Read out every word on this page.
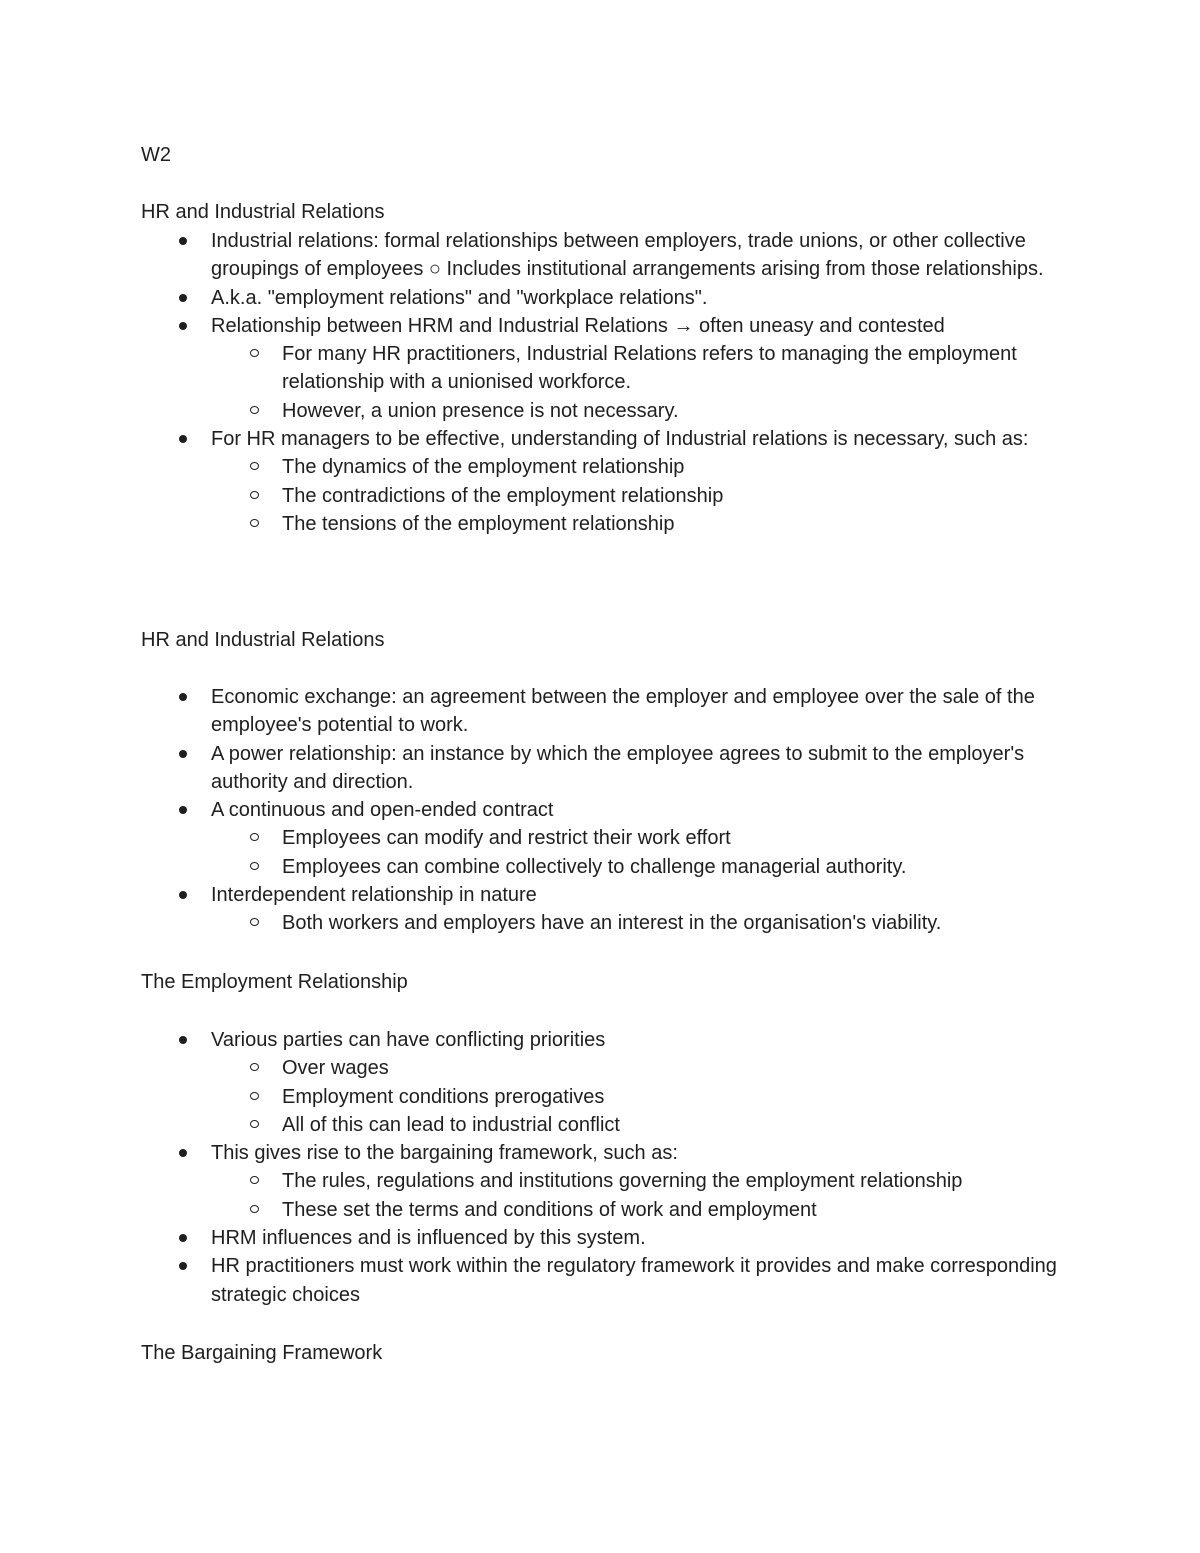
W2
HR and Industrial Relations
Industrial relations: formal relationships between employers, trade unions, or other collective groupings of employees ○ Includes institutional arrangements arising from those relationships.
A.k.a. "employment relations" and "workplace relations".
Relationship between HRM and Industrial Relations → often uneasy and contested
For many HR practitioners, Industrial Relations refers to managing the employment relationship with a unionised workforce.
However, a union presence is not necessary.
For HR managers to be effective, understanding of Industrial relations is necessary, such as:
The dynamics of the employment relationship
The contradictions of the employment relationship
The tensions of the employment relationship
HR and Industrial Relations
Economic exchange: an agreement between the employer and employee over the sale of the employee's potential to work.
A power relationship: an instance by which the employee agrees to submit to the employer's authority and direction.
A continuous and open-ended contract
Employees can modify and restrict their work effort
Employees can combine collectively to challenge managerial authority.
Interdependent relationship in nature
Both workers and employers have an interest in the organisation's viability.
The Employment Relationship
Various parties can have conflicting priorities
Over wages
Employment conditions prerogatives
All of this can lead to industrial conflict
This gives rise to the bargaining framework, such as:
The rules, regulations and institutions governing the employment relationship
These set the terms and conditions of work and employment
HRM influences and is influenced by this system.
HR practitioners must work within the regulatory framework it provides and make corresponding strategic choices
The Bargaining Framework
